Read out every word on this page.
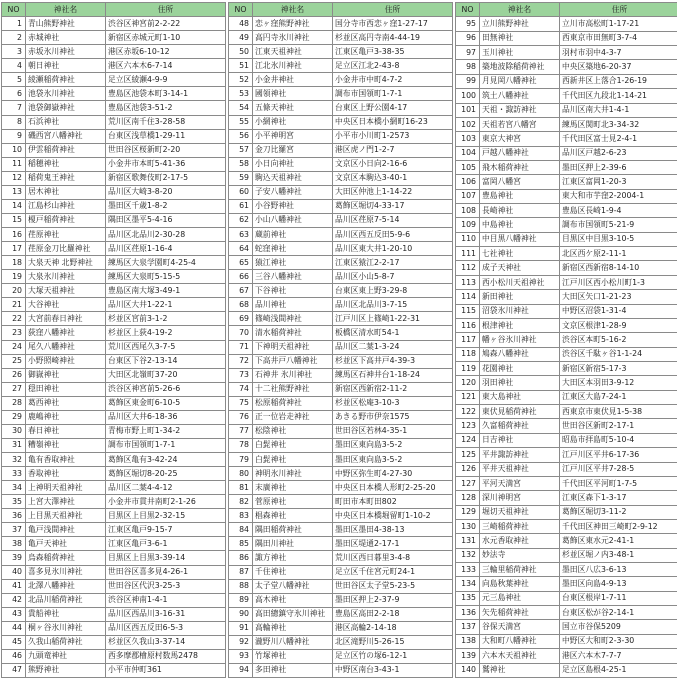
NO	神社名	住所
1	青山熊野神社	渋谷区神宮前2-2-22
2	赤城神社	新宿区赤城元町1-10
3	赤坂氷川神社	港区赤坂6-10-12
4	朝日神社	港区六本木6-7-14
5	綾瀬稲荷神社	足立区綾瀬4-9-9
6	池袋氷川神社	豊島区池袋本町3-14-1
7	池袋御嶽神社	豊島区池袋3-51-2
8	石浜神社	荒川区南千住3-28-58
9	磯西宮八幡神社	台東区浅草橋1-29-11
10	伊雲稲荷神社	世田谷区桜新町2-20
11	稲穂神社	小金井市本町5-41-36
12	稲荷鬼王神社	新宿区歌舞伎町2-17-5
13	居木神社	品川区大崎3-8-20
14	江島杉山神社	墨田区千歳1-8-2
15	榎戸稲荷神社	隅田区墨平5-4-16
16	荏原神社	品川区北品川2-30-28
17	荏原金刀比羅神社	品川区荏原1-16-4
18	大泉天神 北野神社	練馬区大泉学園町4-25-4
19	大泉氷川神社	練馬区大泉町5-15-5
20	大塚天祖神社	豊島区南大塚3-49-1
21	大谷神社	品川区大井1-22-1
22	大宮前春日神社	杉並区宮前3-1-2
23	荻窪八幡神社	杉並区上荻4-19-2
24	尾久八幡神社	荒川区西尾久3-7-5
25	小野照崎神社	台東区下谷2-13-14
26	御嶽神社	大田区北嶺町37-20
27	穏田神社	渋谷区神宮前5-26-6
28	葛西神社	葛飾区東金町6-10-5
29	鹿嶋神社	品川区大井6-18-36
30	春日神社	青梅市野上町1-34-2
31	糟嶺神社	調布市国領町1-7-1
32	亀有香取神社	葛飾区亀有3-42-24
33	香取神社	葛飾区堀切8-20-25
34	上神明天祖神社	品川区二葉4-4-12
35	上宮大澤神社	小金井市貫井南町2-1-26
36	上目黒天祖神社	目黒区上目黒2-32-15
37	亀戸浅間神社	江東区亀戸9-15-7
38	亀戸天神社	江東区亀戸3-6-1
39	烏森稲荷神社	目黒区上目黒3-39-14
40	喜多見氷川神社	世田谷区喜多見4-26-1
41	北澤八幡神社	世田谷区代沢3-25-3
42	北品川稲荷神社	渋谷区神南1-4-1
43	貴船神社	品川区西品川3-16-31
44	桐ヶ谷氷川神社	品川区西五反田6-5-3
45	久我山稲荷神社	杉並区久我山3-37-14
46	九頭竜神社	西多摩郡檜原村数馬2478
47	熊野神社	小平市仲町361
NO	神社名	住所
48	恋ヶ窪熊野神社	国分寺市西恋ヶ窪1-27-17
49	高円寺氷川神社	杉並区高円寺南4-44-19
50	江東天祖神社	江東区亀戸3-38-35
51	江北氷川神社	足立区江北2-43-8
52	小金井神社	小金井市中町4-7-2
53	國領神社	調布市国領町1-7-1
54	五條天神社	台東区上野公園4-17
55	小網神社	中央区日本橋小網町16-23
56	小平神明宮	小平市小川町1-2573
57	金刀比羅宮	港区虎ノ門1-2-7
58	小日向神社	文京区小日向2-16-6
59	駒込天祖神社	文京区本駒込3-40-1
60	子安八幡神社	大田区仲池上1-14-22
61	小谷野神社	葛飾区堀切4-33-17
62	小山八幡神社	品川区荏原7-5-14
63	蔵前神社	品川区西五反田5-9-6
64	蛇窪神社	品川区東大井1-20-10
65	猿江神社	江東区猿江2-2-17
66	三谷八幡神社	品川区小山5-8-7
67	下谷神社	台東区東上野3-29-8
68	品川神社	品川区北品川3-7-15
69	篠崎浅間神社	江戸川区上篠崎1-22-31
70	清水稲荷神社	板橋区清水町54-1
71	下神明天祖神社	品川区二葉1-3-24
72	下高井戸八幡神社	杉並区下高井戸4-39-3
73	石神井 氷川神社	練馬区石神井台1-18-24
74	十二社熊野神社	新宿区西新宿2-11-2
75	松原稲荷神社	杉並区松庵3-10-3
76	正一位岩走神社	あきる野市伊奈1575
77	松陰神社	世田谷区若林4-35-1
78	白髭神社	墨田区東向島3-5-2
79	白髭神社	墨田区東向島3-5-2
80	神明氷川神社	中野区弥生町4-27-30
81	末廣神社	中央区日本橋人形町2-25-20
82	菅原神社	町田市本町田802
83	椙森神社	中央区日本橋堀留町1-10-2
84	隅田稲荷神社	墨田区墨田4-38-13
85	隅田川神社	墨田区堤通2-17-1
86	諏方神社	荒川区西日暮里3-4-8
87	千住神社	足立区千住宮元町24-1
88	太子堂八幡神社	世田谷区太子堂5-23-5
89	高木神社	墨田区押上2-37-9
90	高田總鎮守氷川神社	豊島区高田2-2-18
91	高輪神社	港区高輪2-14-18
92	瀧野川八幡神社	北区滝野川5-26-15
93	竹塚神社	足立区竹の塚6-12-1
94	多田神社	中野区南台3-43-1
NO	神社名	住所
95	立川熊野神社	立川市高松町1-17-21
96	田無神社	西東京市田無町3-7-4
97	玉川神社	羽村市羽中4-3-7
98	築地波除稲荷神社	中央区築地6-20-37
99	月見岡八幡神社	西新井区上落合1-26-19
100	筑土八幡神社	千代田区九段北1-14-21
101	天祖・諏訪神社	品川区南大井1-4-1
102	天祖若宮八幡宮	練馬区関町北3-34-32
103	東京大神宮	千代田区富士見2-4-1
104	戸越八幡神社	品川区戸越2-6-23
105	飛木稲荷神社	墨田区押上2-39-6
106	富岡八幡宮	江東区富岡1-20-3
107	豊島神社	東大和市芋窪2-2004-1
108	長崎神社	豊島区長崎1-9-4
109	中島神社	調布市国領町5-21-9
110	中目黒八幡神社	目黒区中目黒3-10-5
111	七社神社	北区西ケ原2-11-1
112	成子天神社	新宿区西新宿8-14-10
113	西小松川天祖神社	江戸川区西小松川町1-3
114	新田神社	大田区矢口1-21-23
115	沼袋氷川神社	中野区沼袋1-31-4
116	根津神社	文京区根津1-28-9
117	幡ヶ谷氷川神社	渋谷区本町5-16-2
118	鳩森八幡神社	渋谷区千駄ヶ谷1-1-24
119	花園神社	新宿区新宿5-17-3
120	羽田神社	大田区本羽田3-9-12
121	東大島神社	江東区大島7-24-1
122	東伏見稲荷神社	西東京市東伏見1-5-38
123	久富稲荷神社	世田谷区新町2-17-1
124	日吉神社	昭島市拝島町5-10-4
125	平井諏訪神社	江戸川区平井6-17-36
126	平井天祖神社	江戸川区平井7-28-5
127	平河天満宮	千代田区平河町1-7-5
128	深川神明宮	江東区森下1-3-17
129	堀切天祖神社	葛飾区堀切3-11-2
130	三崎稲荷神社	千代田区神田三崎町2-9-12
131	水元香取神社	葛飾区東水元2-41-1
132	妙法寺	杉並区堀ノ内3-48-1
133	三輪里稲荷神社	墨田区八広3-6-13
134	向島秋葉神社	墨田区向島4-9-13
135	元三島神社	台東区根岸1-7-11
136	矢先稲荷神社	台東区松が谷2-14-1
137	谷保天満宮	国立市谷保5209
138	大和町八幡神社	中野区大和町2-3-30
139	六本木天祖神社	港区六本木7-7-7
140	鷲神社	足立区島根4-25-1
